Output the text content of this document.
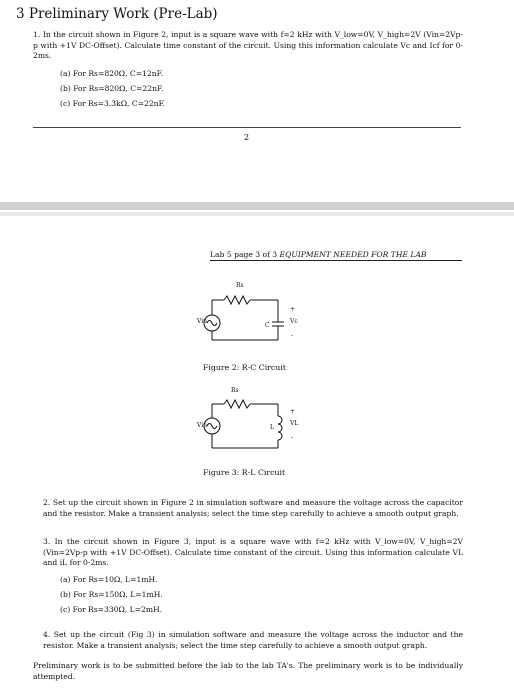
3 Preliminary Work (Pre-Lab)
1. In the circuit shown in Figure 2, input is a square wave with f=2 kHz with V_low=0V, V_high=2V (Vin=2Vp-p with +1V DC-Offset). Calculate time constant of the circuit. Using this information calculate Vc and Icf for 0-2ms.
(a) For Rs=820Ω, C=12nF.
(b) For Rs=820Ω, C=22nF.
(c) For Rs=3.3kΩ, C=22nF.
2
Lab 5 page 3 of 3 EQUIPMENT NEEDED FOR THE LAB
Rs
Vin
C
+
Vc
-
Figure 2: R-C Circuit
Rs
Vin	L
+
VL
-
Figure 3: R-L Circuit
2. Set up the circuit shown in Figure 2 in simulation software and measure the voltage across the capacitor and the resistor. Make a transient analysis; select the time step carefully to achieve a smooth output graph.
3. In the circuit shown in Figure 3, input is a square wave with f=2 kHz with V_low=0V, V_high=2V (Vin=2Vp-p with +1V DC-Offset). Calculate time constant of the circuit. Using this information calculate VL and iL for 0-2ms.
(a) For Rs=10Ω, L=1mH.
(b) For Rs=150Ω, L=1mH.
(c) For Rs=330Ω, L=2mH.
4. Set up the circuit (Fig 3) in simulation software and measure the voltage across the inductor and the resistor. Make a transient analysis; select the time step carefully to achieve a smooth output graph.
Preliminary work is to be submitted before the lab to the lab TA's. The preliminary work is to be individually attempted.
